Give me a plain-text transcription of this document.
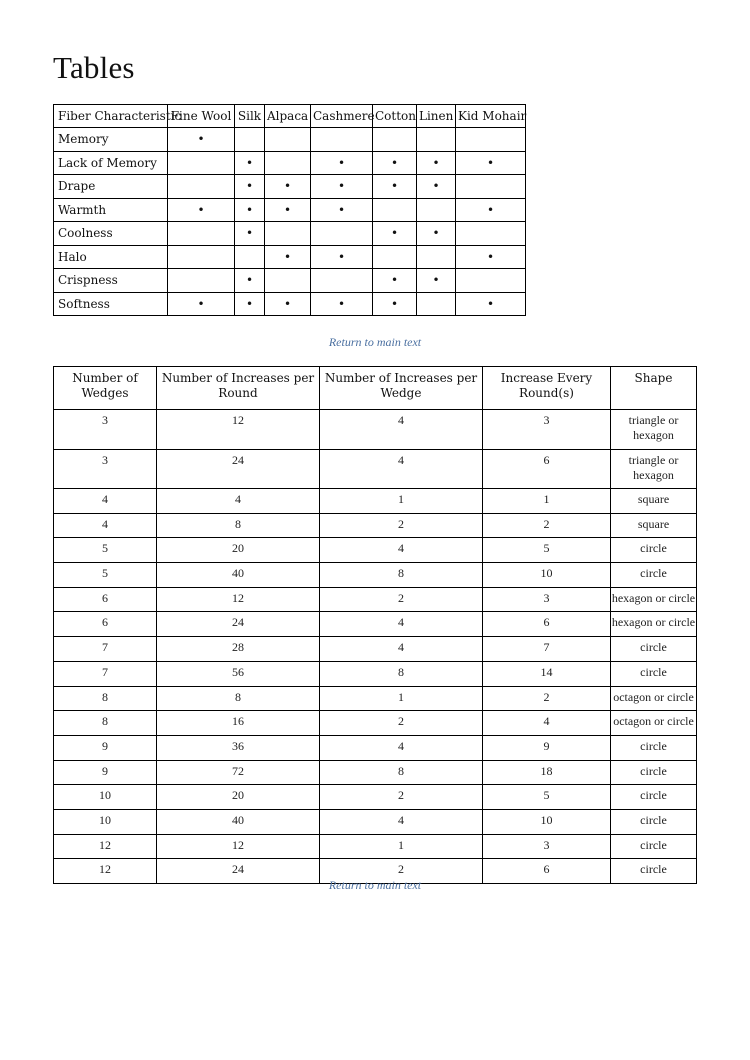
Tables
Fiber Characteristic	Fine Wool	Silk	Alpaca	Cashmere	Cotton	Linen	Kid Mohair
Memory	•						
Lack of Memory		•		•	•	•	•
Drape		•	•	•	•	•	
Warmth	•	•	•	•			•
Coolness		•			•	•	
Halo			•	•			•
Crispness		•			•	•	
Softness	•	•	•	•	•		•
Return to main text
Number of Wedges	Number of Increases per Round	Number of Increases per Wedge	Increase Every Round(s)	Shape
3	12	4	3	triangle or hexagon
3	24	4	6	triangle or hexagon
4	4	1	1	square
4	8	2	2	square
5	20	4	5	circle
5	40	8	10	circle
6	12	2	3	hexagon or circle
6	24	4	6	hexagon or circle
7	28	4	7	circle
7	56	8	14	circle
8	8	1	2	octagon or circle
8	16	2	4	octagon or circle
9	36	4	9	circle
9	72	8	18	circle
10	20	2	5	circle
10	40	4	10	circle
12	12	1	3	circle
12	24	2	6	circle
Return to main text
